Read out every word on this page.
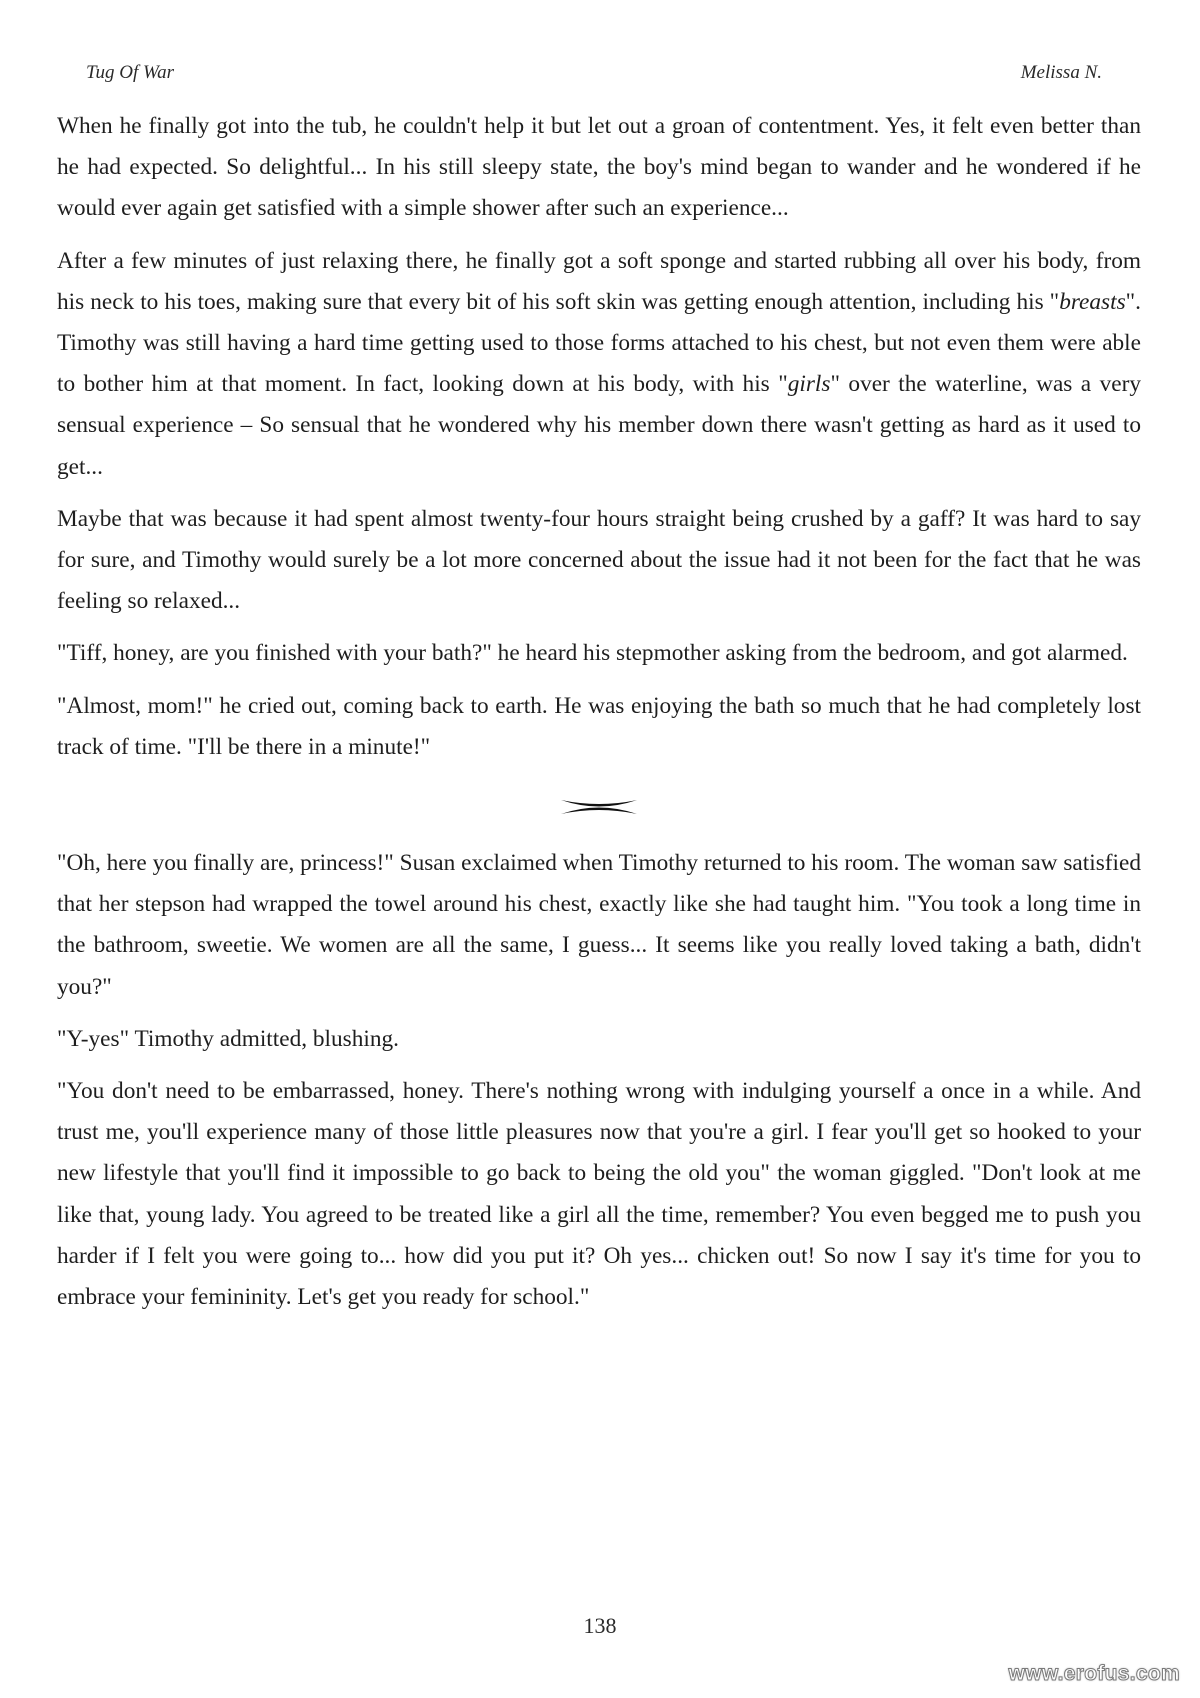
Tug Of War	Melissa N.

When he finally got into the tub, he couldn't help it but let out a groan of contentment. Yes, it felt even better than he had expected. So delightful... In his still sleepy state, the boy's mind began to wander and he wondered if he would ever again get satisfied with a simple shower after such an experience...

After a few minutes of just relaxing there, he finally got a soft sponge and started rubbing all over his body, from his neck to his toes, making sure that every bit of his soft skin was getting enough attention, including his "breasts". Timothy was still having a hard time getting used to those forms attached to his chest, but not even them were able to bother him at that moment. In fact, looking down at his body, with his "girls" over the waterline, was a very sensual experience – So sensual that he wondered why his member down there wasn't getting as hard as it used to get...

Maybe that was because it had spent almost twenty-four hours straight being crushed by a gaff? It was hard to say for sure, and Timothy would surely be a lot more concerned about the issue had it not been for the fact that he was feeling so relaxed...

"Tiff, honey, are you finished with your bath?" he heard his stepmother asking from the bedroom, and got alarmed.

"Almost, mom!" he cried out, coming back to earth. He was enjoying the bath so much that he had completely lost track of time. "I'll be there in a minute!"

"Oh, here you finally are, princess!" Susan exclaimed when Timothy returned to his room. The woman saw satisfied that her stepson had wrapped the towel around his chest, exactly like she had taught him. "You took a long time in the bathroom, sweetie. We women are all the same, I guess... It seems like you really loved taking a bath, didn't you?"

"Y-yes" Timothy admitted, blushing.

"You don't need to be embarrassed, honey. There's nothing wrong with indulging yourself a once in a while. And trust me, you'll experience many of those little pleasures now that you're a girl. I fear you'll get so hooked to your new lifestyle that you'll find it impossible to go back to being the old you" the woman giggled. "Don't look at me like that, young lady. You agreed to be treated like a girl all the time, remember? You even begged me to push you harder if I felt you were going to... how did you put it? Oh yes... chicken out! So now I say it's time for you to embrace your femininity. Let's get you ready for school."

138
www.erofus.com
